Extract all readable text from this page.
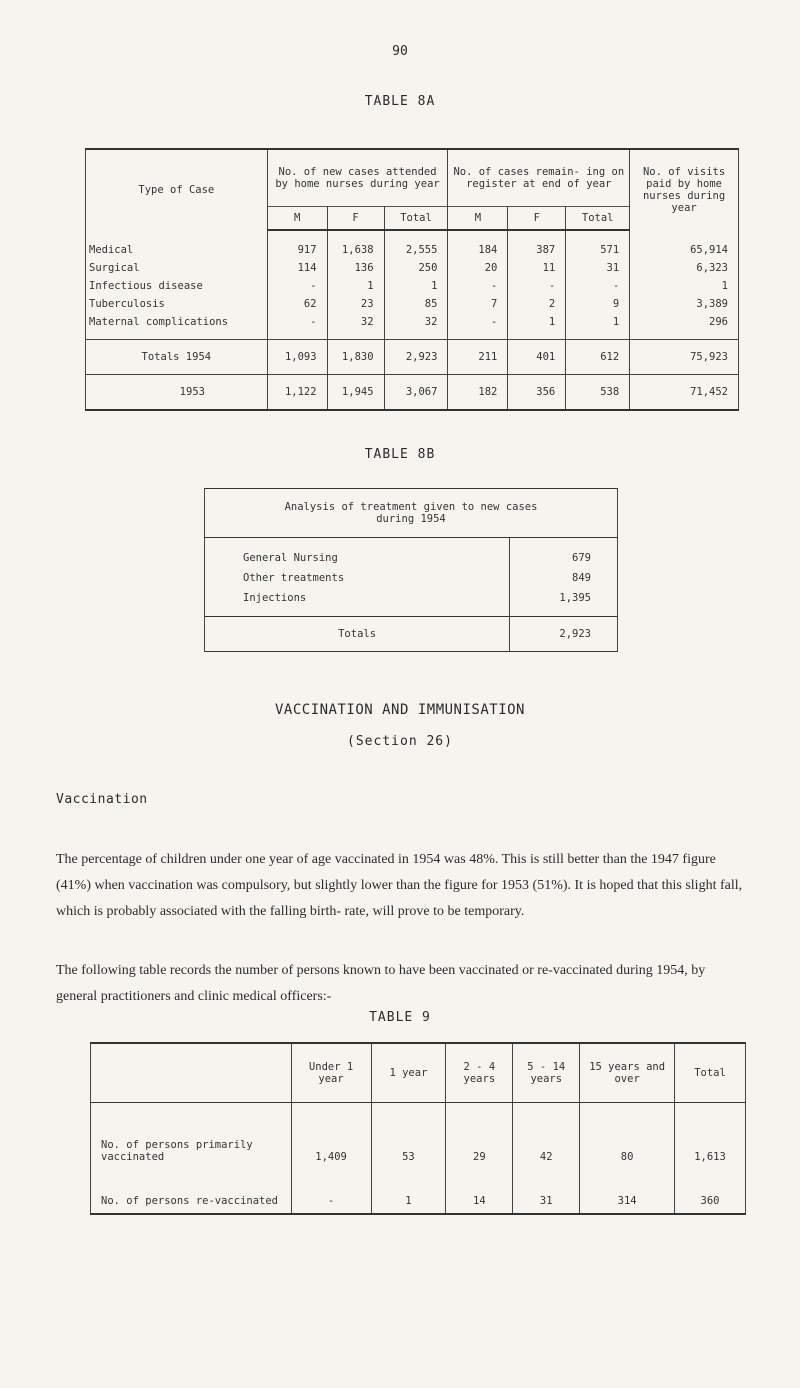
90
TABLE 8A
Type of Case	No. of new cases attended by home nurses during year			No. of cases remain- ing on register at end of year			No. of visits paid by home nurses during year
	M	F	Total	M	F	Total	
Medical	917	1,638	2,555	184	387	571	65,914
Surgical	114	136	250	20	11	31	6,323
Infectious disease	-	1	1	-	-	-	1
Tuberculosis	62	23	85	7	2	9	3,389
Maternal complications	-	32	32	-	1	1	296
Totals 1954	1,093	1,830	2,923	211	401	612	75,923
1953	1,122	1,945	3,067	182	356	538	71,452
TABLE 8B
Analysis of treatment given to new cases during 1954	
General Nursing	679
Other treatments	849
Injections	1,395
Totals	2,923
VACCINATION AND IMMUNISATION
(Section 26)
Vaccination
The percentage of children under one year of age vaccinated in 1954 was 48%. This is still better than the 1947 figure (41%) when vaccination was compulsory, but slightly lower than the figure for 1953 (51%). It is hoped that this slight fall, which is probably associated with the falling birth- rate, will prove to be temporary.
The following table records the number of persons known to have been vaccinated or re-vaccinated during 1954, by general practitioners and clinic medical officers:-
TABLE 9
	Under 1 year	1 year	2 - 4 years	5 - 14 years	15 years and over	Total
No. of persons primarily vaccinated	1,409	53	29	42	80	1,613
No. of persons re-vaccinated	-	1	14	31	314	360
